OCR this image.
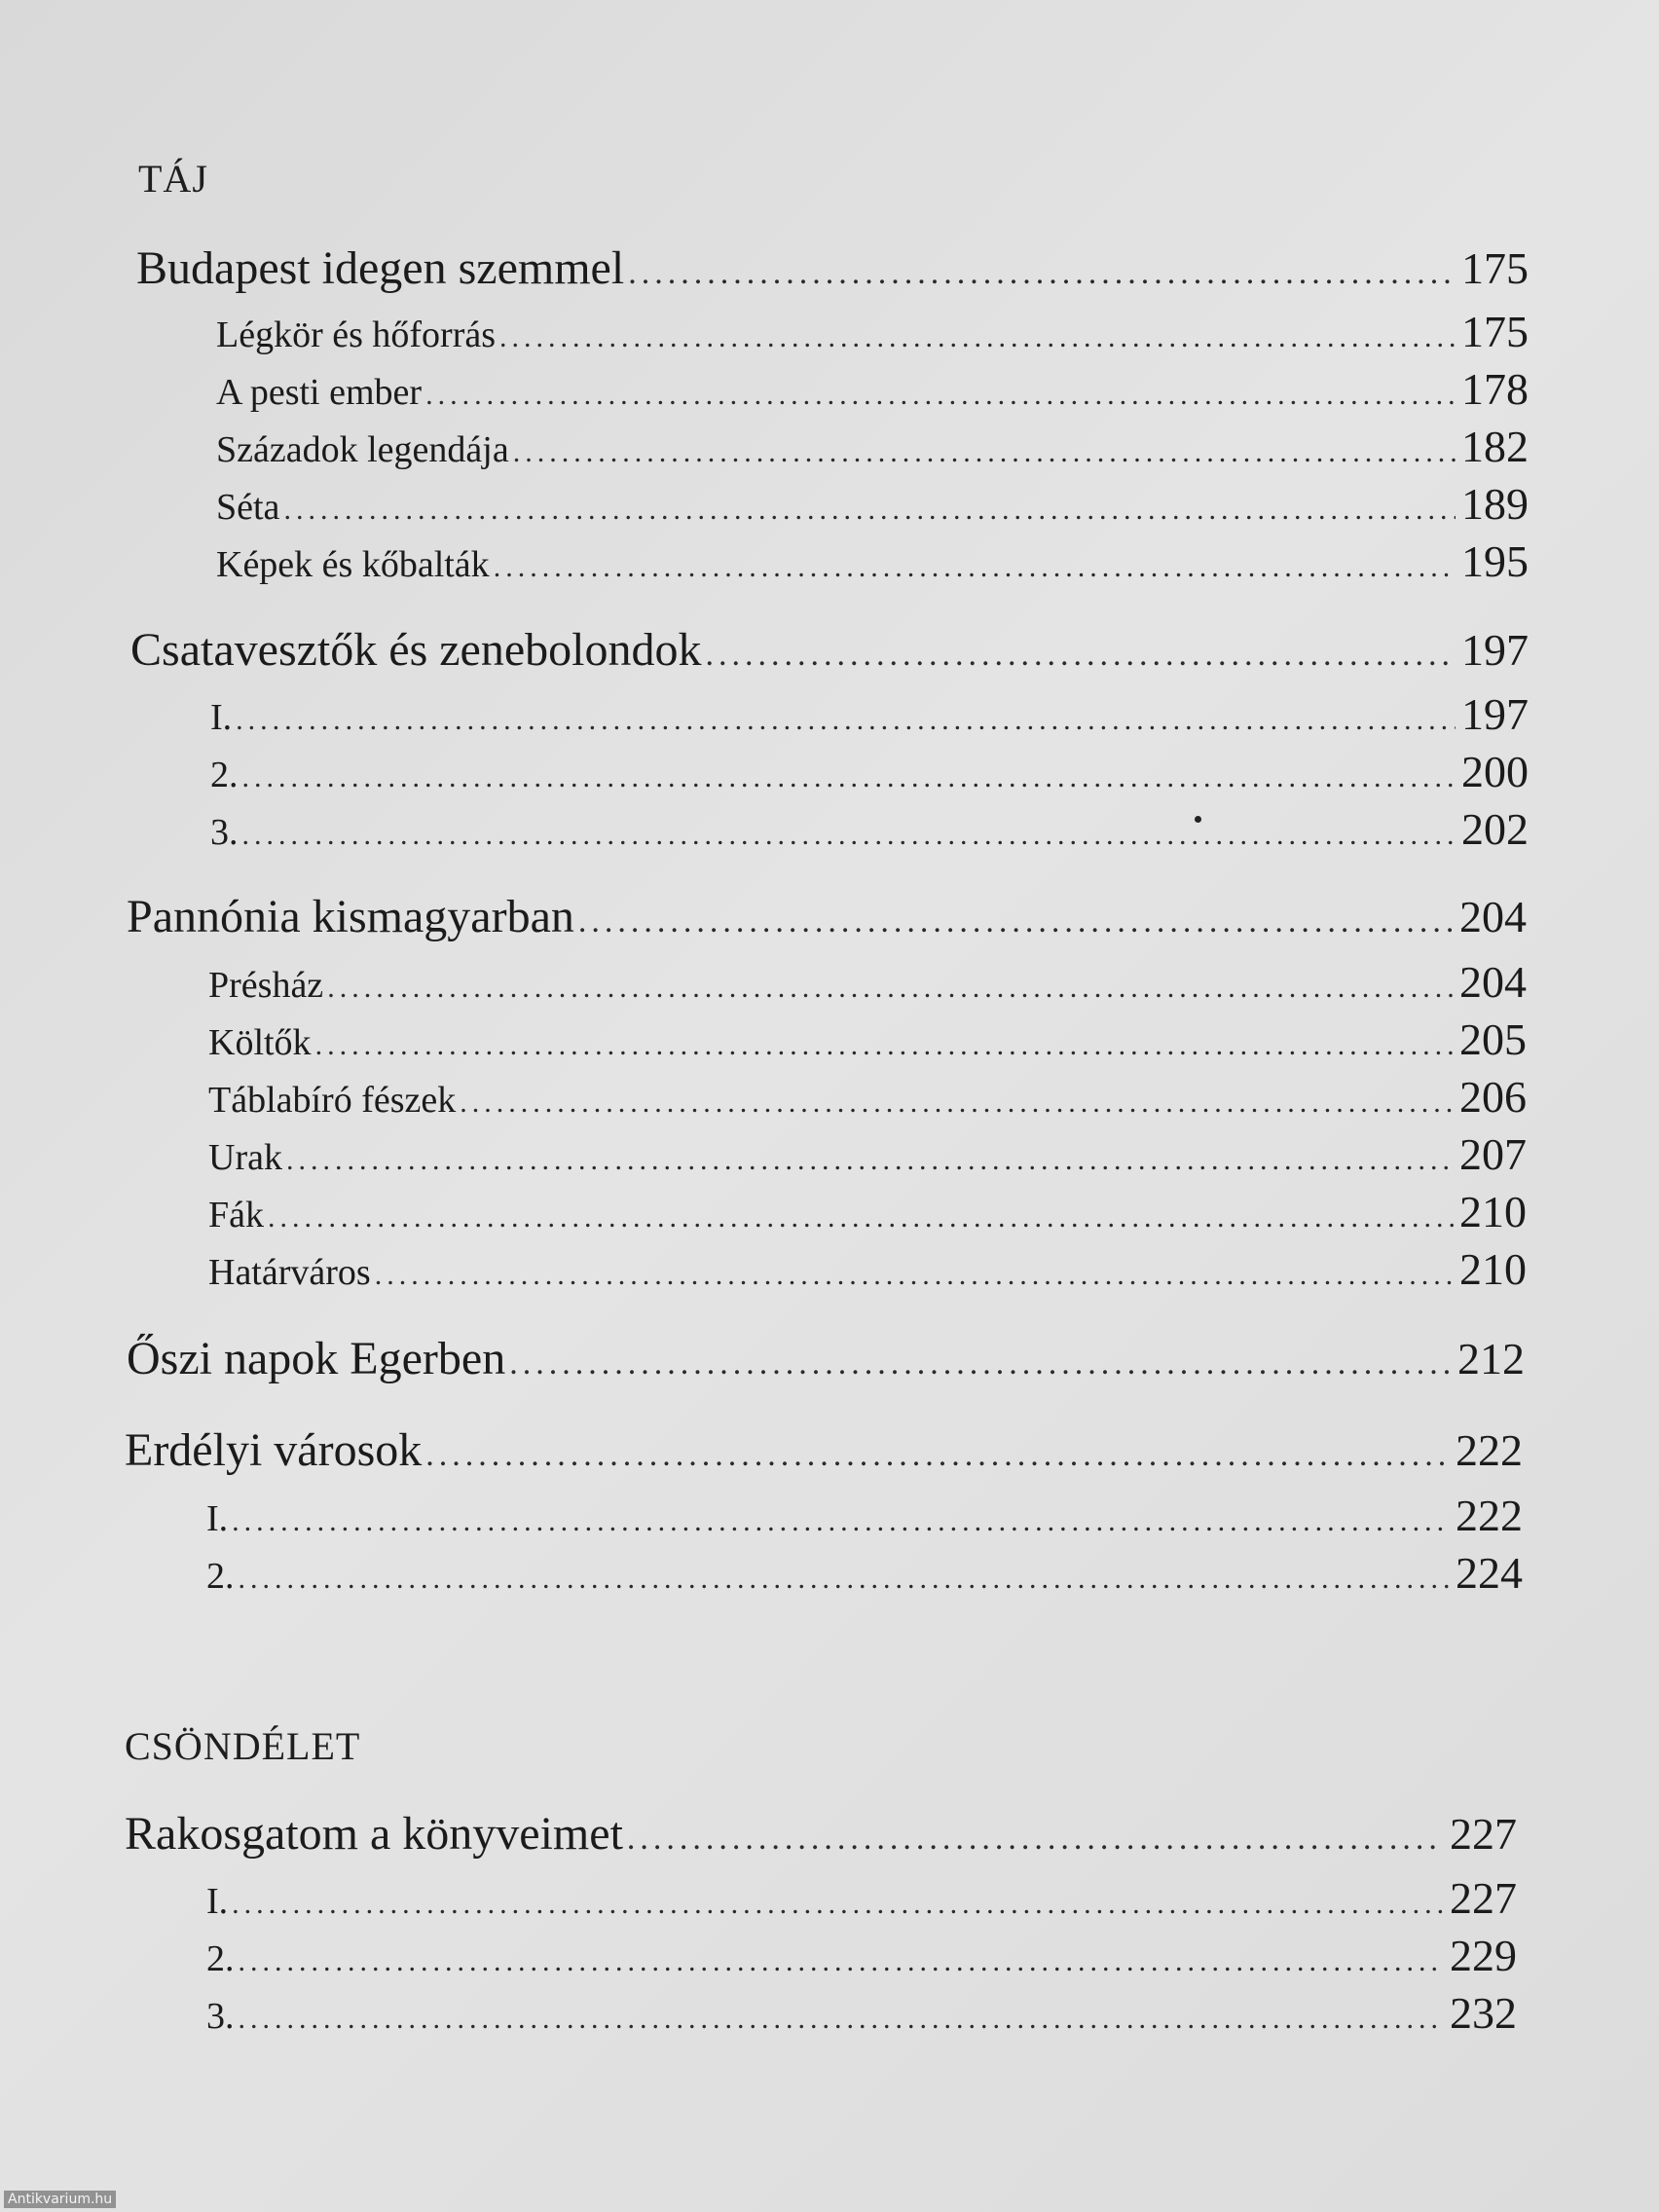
TÁJ
Budapest idegen szemmel .....	175
Légkör és hőforrás .....	175
A pesti ember .....	178
Századok legendája .....	182
Séta .....	189
Képek és kőbalták .....	195
Csatavesztők és zenebolondok .....	197
I. .....	197
2. .....	200
3. .....	202
Pannónia kismagyarban .....	204
Présház .....	204
Költők .....	205
Táblabíró fészek .....	206
Urak .....	207
Fák .....	210
Határváros .....	210
Őszi napok Egerben .....	212
Erdélyi városok .....	222
I. .....	222
2. .....	224
CSÖNDÉLET
Rakosgatom a könyveimet .....	227
I. .....	227
2. .....	229
3. .....	232
Antikvarium.hu
